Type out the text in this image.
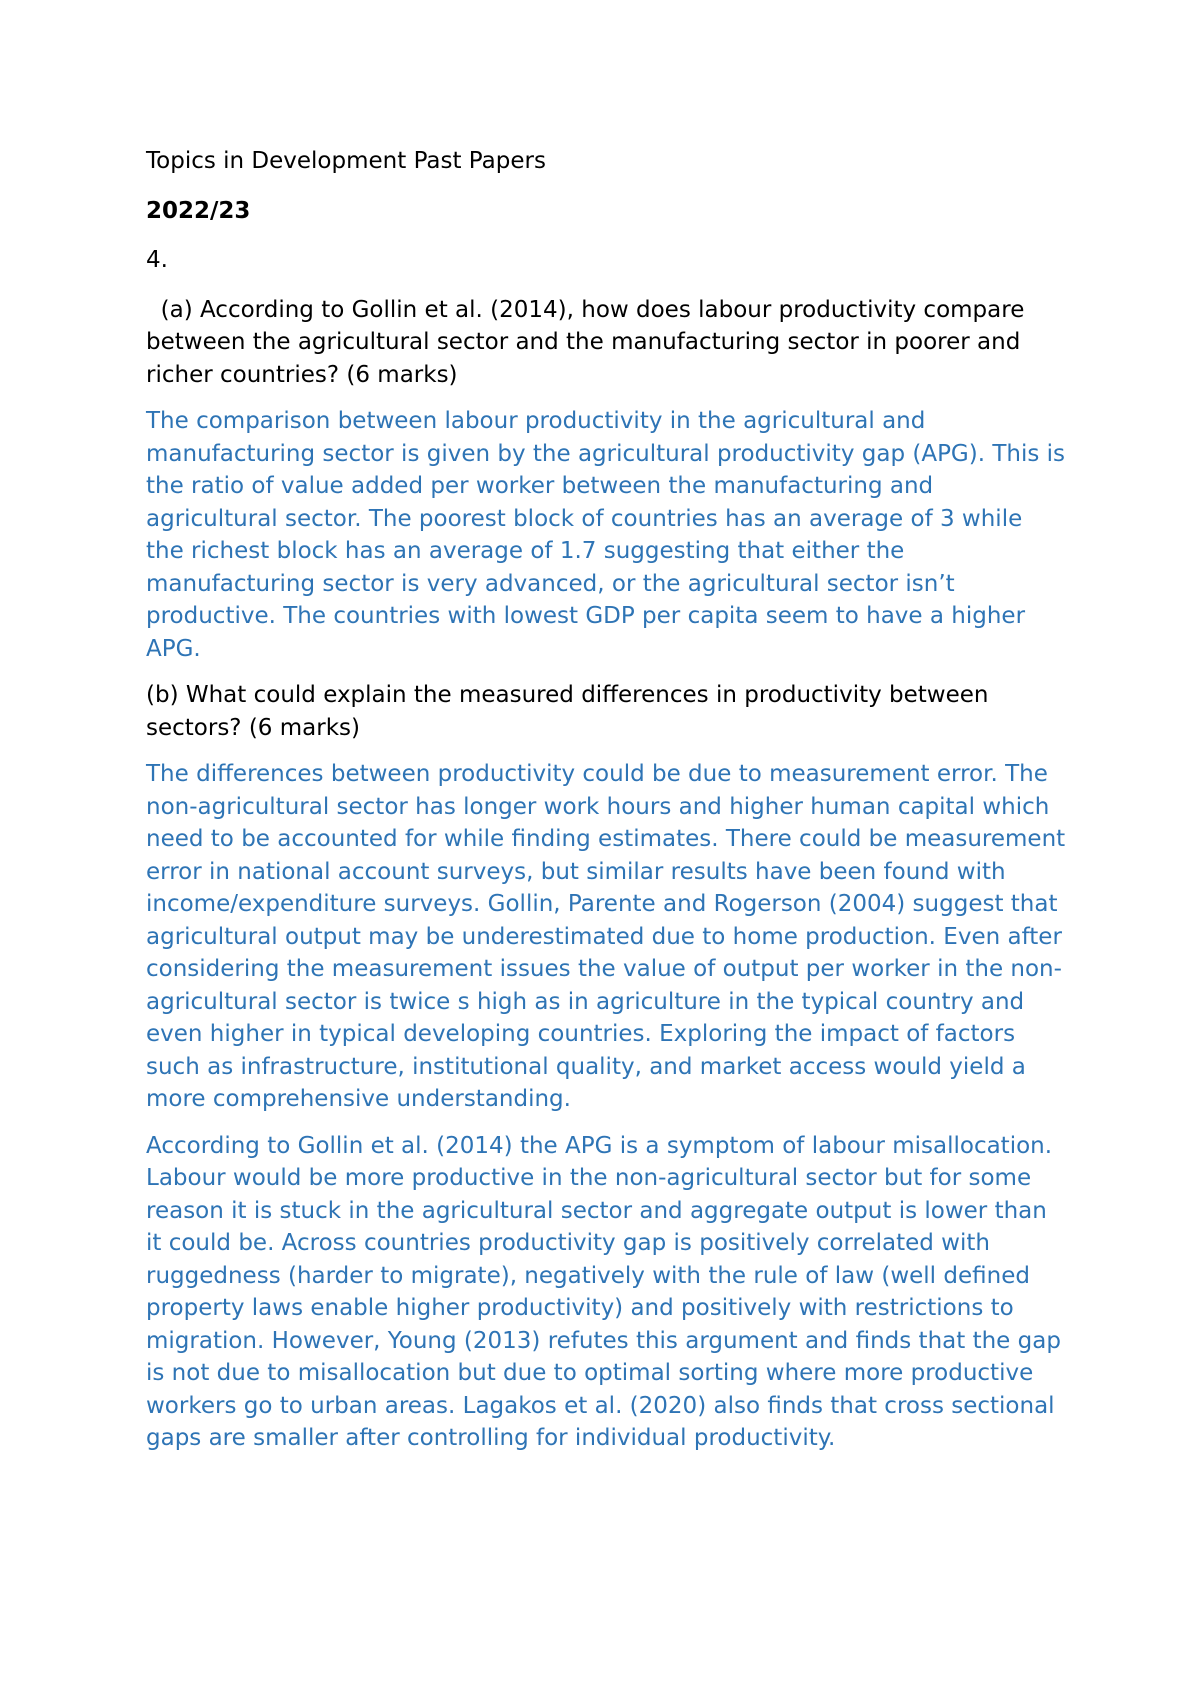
Topics in Development Past Papers

2022/23

4.

(a) According to Gollin et al. (2014), how does labour productivity compare between the agricultural sector and the manufacturing sector in poorer and richer countries? (6 marks)

The comparison between labour productivity in the agricultural and manufacturing sector is given by the agricultural productivity gap (APG). This is the ratio of value added per worker between the manufacturing and agricultural sector. The poorest block of countries has an average of 3 while the richest block has an average of 1.7 suggesting that either the manufacturing sector is very advanced, or the agricultural sector isn’t productive. The countries with lowest GDP per capita seem to have a higher APG.

(b) What could explain the measured differences in productivity between sectors? (6 marks)

The differences between productivity could be due to measurement error. The non-agricultural sector has longer work hours and higher human capital which need to be accounted for while finding estimates. There could be measurement error in national account surveys, but similar results have been found with income/expenditure surveys. Gollin, Parente and Rogerson (2004) suggest that agricultural output may be underestimated due to home production. Even after considering the measurement issues the value of output per worker in the non-agricultural sector is twice s high as in agriculture in the typical country and even higher in typical developing countries. Exploring the impact of factors such as infrastructure, institutional quality, and market access would yield a more comprehensive understanding.

According to Gollin et al. (2014) the APG is a symptom of labour misallocation. Labour would be more productive in the non-agricultural sector but for some reason it is stuck in the agricultural sector and aggregate output is lower than it could be. Across countries productivity gap is positively correlated with ruggedness (harder to migrate), negatively with the rule of law (well defined property laws enable higher productivity) and positively with restrictions to migration. However, Young (2013) refutes this argument and finds that the gap is not due to misallocation but due to optimal sorting where more productive workers go to urban areas. Lagakos et al. (2020) also finds that cross sectional gaps are smaller after controlling for individual productivity.
